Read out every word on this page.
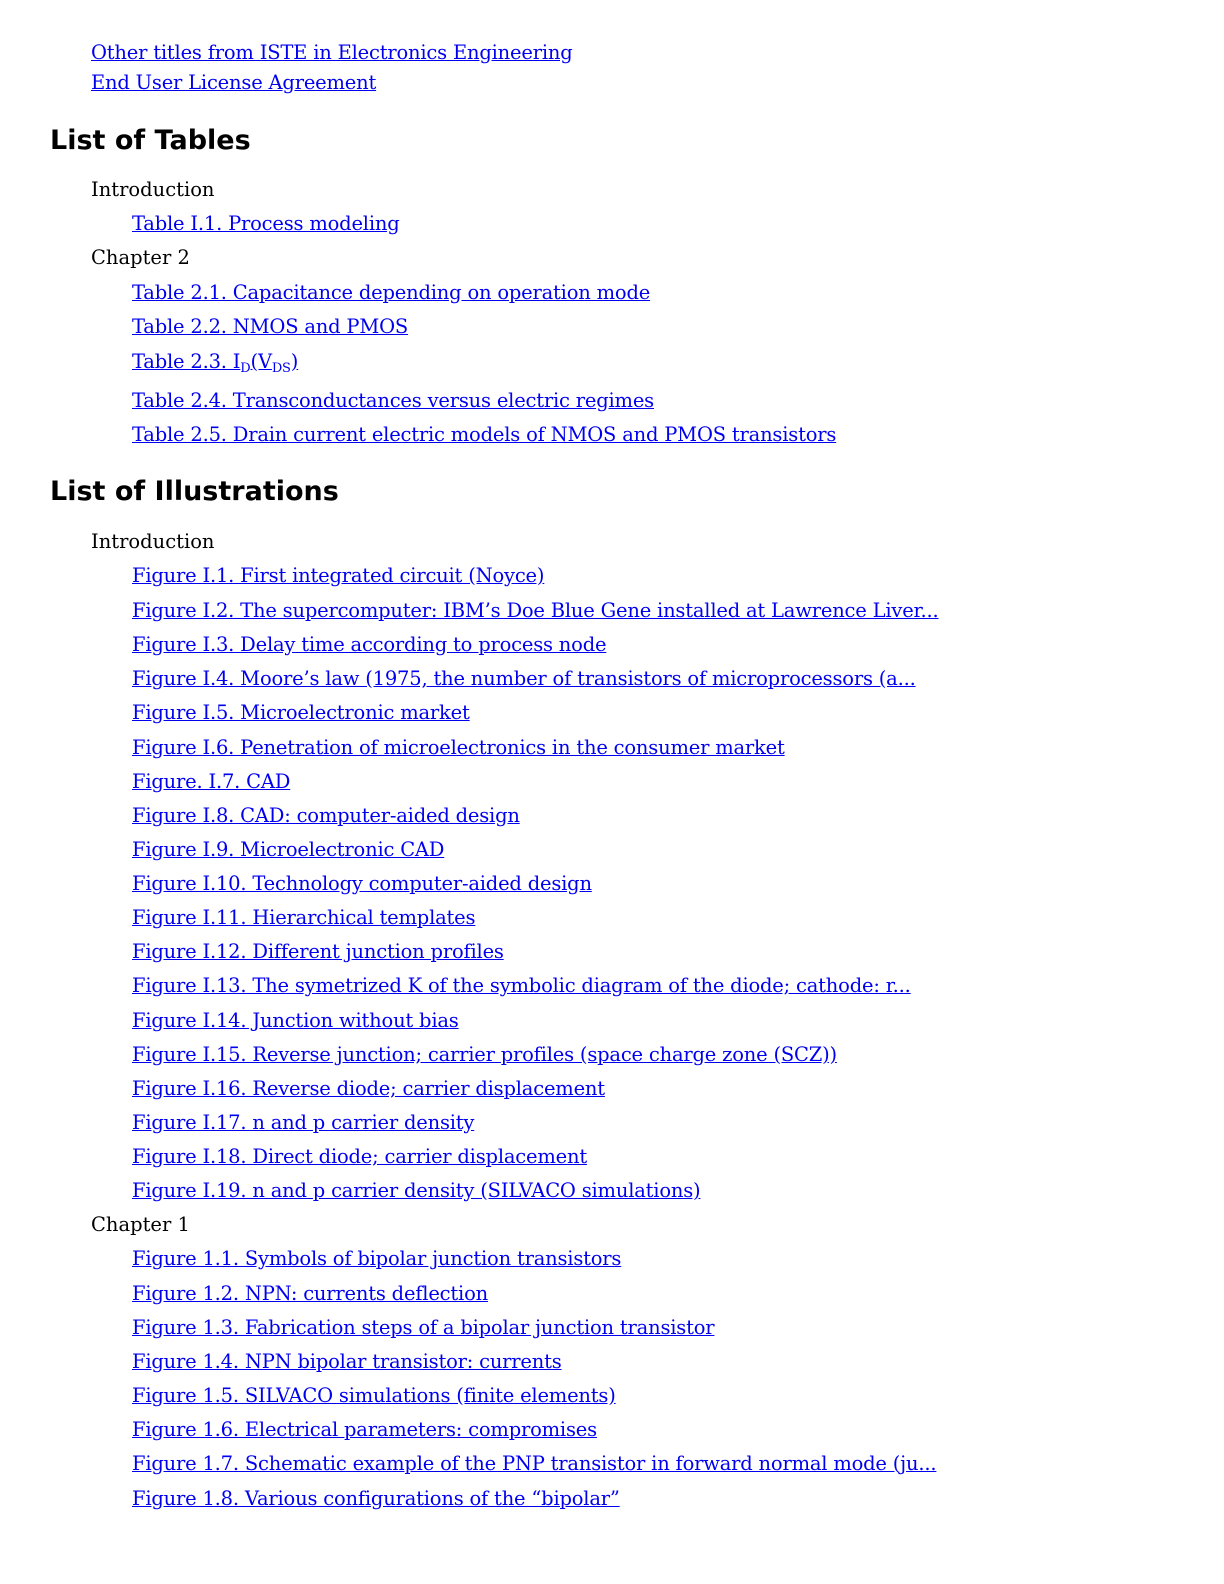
Other titles from ISTE in Electronics Engineering
End User License Agreement
List of Tables
Introduction
Table I.1. Process modeling
Chapter 2
Table 2.1. Capacitance depending on operation mode
Table 2.2. NMOS and PMOS
Table 2.3. $I_D(V_{DS})$
Table 2.4. Transconductances versus electric regimes
Table 2.5. Drain current electric models of NMOS and PMOS transistors
List of Illustrations
Introduction
Figure I.1. First integrated circuit (Noyce)
Figure I.2. The supercomputer: IBM’s Doe Blue Gene installed at Lawrence Liver...
Figure I.3. Delay time according to process node
Figure I.4. Moore’s law (1975, the number of transistors of microprocessors (a...
Figure I.5. Microelectronic market
Figure I.6. Penetration of microelectronics in the consumer market
Figure. I.7. CAD
Figure I.8. CAD: computer-aided design
Figure I.9. Microelectronic CAD
Figure I.10. Technology computer-aided design
Figure I.11. Hierarchical templates
Figure I.12. Different junction profiles
Figure I.13. The symetrized K of the symbolic diagram of the diode; cathode: r...
Figure I.14. Junction without bias
Figure I.15. Reverse junction; carrier profiles (space charge zone (SCZ))
Figure I.16. Reverse diode; carrier displacement
Figure I.17. n and p carrier density
Figure I.18. Direct diode; carrier displacement
Figure I.19. n and p carrier density (SILVACO simulations)
Chapter 1
Figure 1.1. Symbols of bipolar junction transistors
Figure 1.2. NPN: currents deflection
Figure 1.3. Fabrication steps of a bipolar junction transistor
Figure 1.4. NPN bipolar transistor: currents
Figure 1.5. SILVACO simulations (finite elements)
Figure 1.6. Electrical parameters: compromises
Figure 1.7. Schematic example of the PNP transistor in forward normal mode (ju...
Figure 1.8. Various configurations of the “bipolar”
